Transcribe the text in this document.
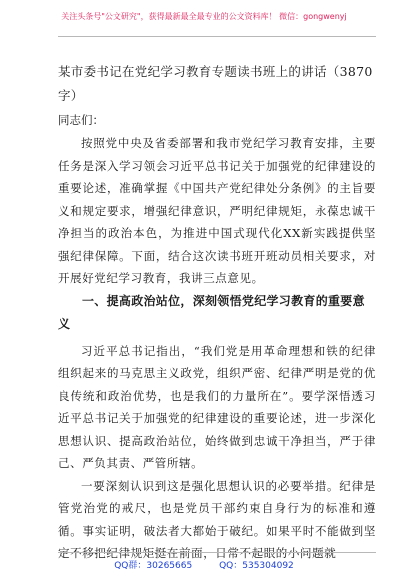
关注头条号"公文研究"，获得最新最全最专业的公文资料库！ 微信：gongwenyj

某市委书记在党纪学习教育专题读书班上的讲话（3870字）

同志们：

按照党中央及省委部署和我市党纪学习教育安排，主要任务是深入学习领会习近平总书记关于加强党的纪律建设的重要论述，准确掌握《中国共产党纪律处分条例》的主旨要义和规定要求，增强纪律意识，严明纪律规矩，永葆忠诚干净担当的政治本色，为推进中国式现代化XX新实践提供坚强纪律保障。下面，结合这次读书班开班动员相关要求，对开展好党纪学习教育，我讲三点意见。

一、提高政治站位，深刻领悟党纪学习教育的重要意义

习近平总书记指出，“我们党是用革命理想和铁的纪律组织起来的马克思主义政党，组织严密、纪律严明是党的优良传统和政治优势，也是我们的力量所在”。要学深悟透习近平总书记关于加强党的纪律建设的重要论述，进一步深化思想认识、提高政治站位，始终做到忠诚干净担当，严于律己、严负其责、严管所辖。

一要深刻认识到这是强化思想认识的必要举措。纪律是管党治党的戒尺，也是党员干部约束自身行为的标准和遵循。事实证明，破法者大都始于破纪。如果平时不能做到坚定不移把纪律规矩挺在前面，日常不起眼的小问题就

QQ群：30265665	QQ：535304092
